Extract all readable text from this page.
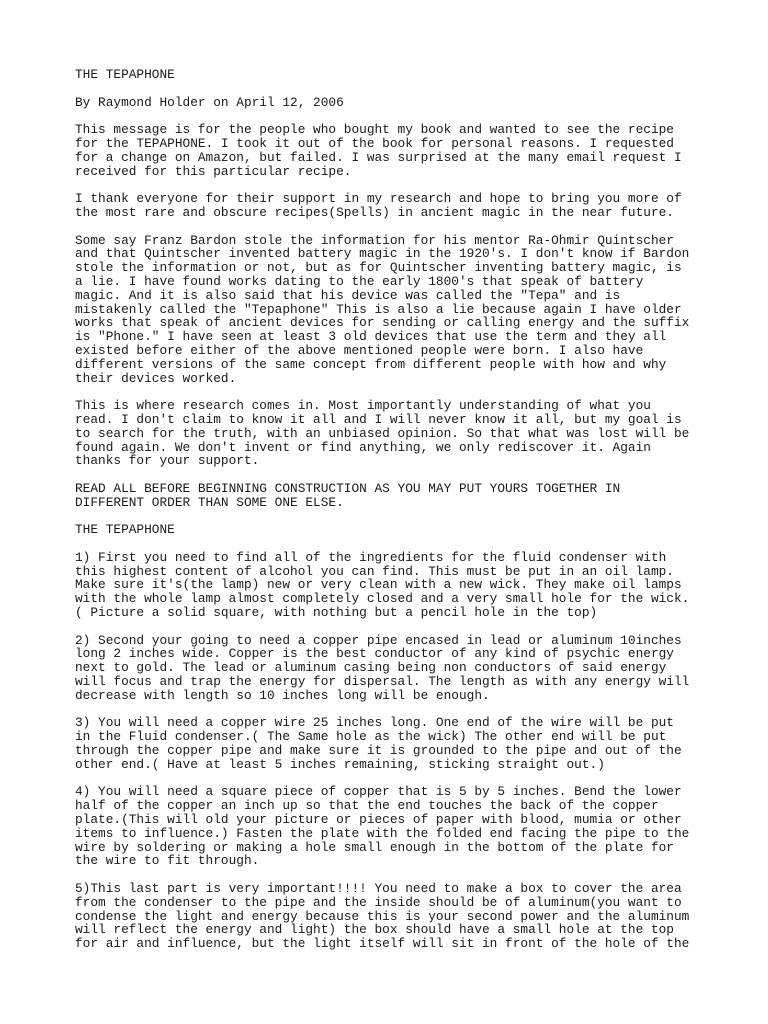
THE TEPAPHONE

By Raymond Holder on April 12, 2006

This message is for the people who bought my book and wanted to see the recipe
for the TEPAPHONE. I took it out of the book for personal reasons. I requested
for a change on Amazon, but failed. I was surprised at the many email request I
received for this particular recipe.

I thank everyone for their support in my research and hope to bring you more of
the most rare and obscure recipes(Spells) in ancient magic in the near future.

Some say Franz Bardon stole the information for his mentor Ra-Ohmir Quintscher
and that Quintscher invented battery magic in the 1920's. I don't know if Bardon
stole the information or not, but as for Quintscher inventing battery magic, is
a lie. I have found works dating to the early 1800's that speak of battery
magic. And it is also said that his device was called the "Tepa" and is
mistakenly called the "Tepaphone" This is also a lie because again I have older
works that speak of ancient devices for sending or calling energy and the suffix
is "Phone." I have seen at least 3 old devices that use the term and they all
existed before either of the above mentioned people were born. I also have
different versions of the same concept from different people with how and why
their devices worked.

This is where research comes in. Most importantly understanding of what you
read. I don't claim to know it all and I will never know it all, but my goal is
to search for the truth, with an unbiased opinion. So that what was lost will be
found again. We don't invent or find anything, we only rediscover it. Again
thanks for your support.

READ ALL BEFORE BEGINNING CONSTRUCTION AS YOU MAY PUT YOURS TOGETHER IN
DIFFERENT ORDER THAN SOME ONE ELSE.

THE TEPAPHONE

1) First you need to find all of the ingredients for the fluid condenser with
this highest content of alcohol you can find. This must be put in an oil lamp.
Make sure it's(the lamp) new or very clean with a new wick. They make oil lamps
with the whole lamp almost completely closed and a very small hole for the wick.
( Picture a solid square, with nothing but a pencil hole in the top)

2) Second your going to need a copper pipe encased in lead or aluminum 10inches
long 2 inches wide. Copper is the best conductor of any kind of psychic energy
next to gold. The lead or aluminum casing being non conductors of said energy
will focus and trap the energy for dispersal. The length as with any energy will
decrease with length so 10 inches long will be enough.

3) You will need a copper wire 25 inches long. One end of the wire will be put
in the Fluid condenser.( The Same hole as the wick) The other end will be put
through the copper pipe and make sure it is grounded to the pipe and out of the
other end.( Have at least 5 inches remaining, sticking straight out.)

4) You will need a square piece of copper that is 5 by 5 inches. Bend the lower
half of the copper an inch up so that the end touches the back of the copper
plate.(This will old your picture or pieces of paper with blood, mumia or other
items to influence.) Fasten the plate with the folded end facing the pipe to the
wire by soldering or making a hole small enough in the bottom of the plate for
the wire to fit through.

5)This last part is very important!!!! You need to make a box to cover the area
from the condenser to the pipe and the inside should be of aluminum(you want to
condense the light and energy because this is your second power and the aluminum
will reflect the energy and light) the box should have a small hole at the top
for air and influence, but the light itself will sit in front of the hole of the
